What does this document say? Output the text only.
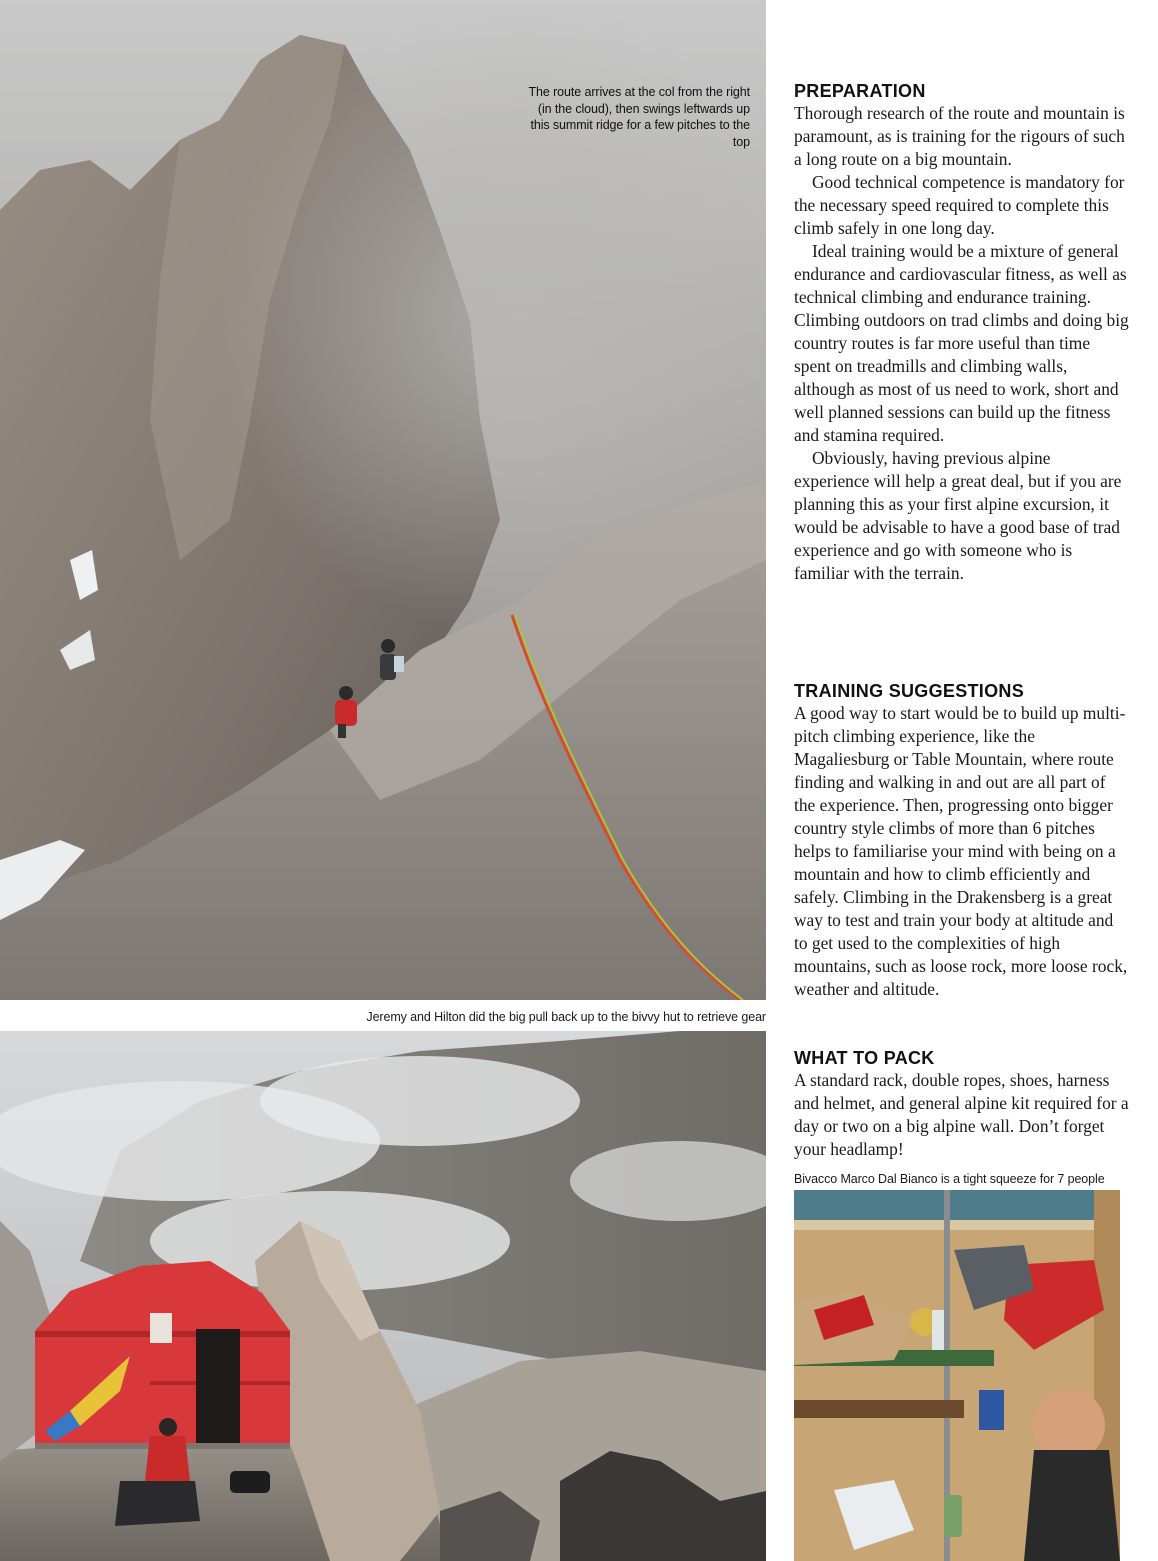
The route arrives at the col from the right (in the cloud), then swings leftwards up this summit ridge for a few pitches to the top
Jeremy and Hilton did the big pull back up to the bivvy hut to retrieve gear
PREPARATION

Thorough research of the route and mountain is paramount, as is training for the rigours of such a long route on a big mountain.

Good technical competence is mandatory for the necessary speed required to complete this climb safely in one long day.

Ideal training would be a mixture of general endurance and cardiovascular fitness, as well as technical climbing and endurance training. Climbing outdoors on trad climbs and doing big country routes is far more useful than time spent on treadmills and climbing walls, although as most of us need to work, short and well planned sessions can build up the fitness and stamina required.

Obviously, having previous alpine experience will help a great deal, but if you are planning this as your first alpine excursion, it would be advisable to have a good base of trad experience and go with someone who is familiar with the terrain.

TRAINING SUGGESTIONS

A good way to start would be to build up multi-pitch climbing experience, like the Magaliesburg or Table Mountain, where route finding and walking in and out are all part of the experience. Then, progressing onto bigger country style climbs of more than 6 pitches helps to familiarise your mind with being on a mountain and how to climb efficiently and safely. Climbing in the Drakensberg is a great way to test and train your body at altitude and to get used to the complexities of high mountains, such as loose rock, more loose rock, weather and altitude.

WHAT TO PACK

A standard rack, double ropes, shoes, harness and helmet, and general alpine kit required for a day or two on a big alpine wall. Don’t forget your headlamp!

Bivacco Marco Dal Bianco is a tight squeeze for 7 people
